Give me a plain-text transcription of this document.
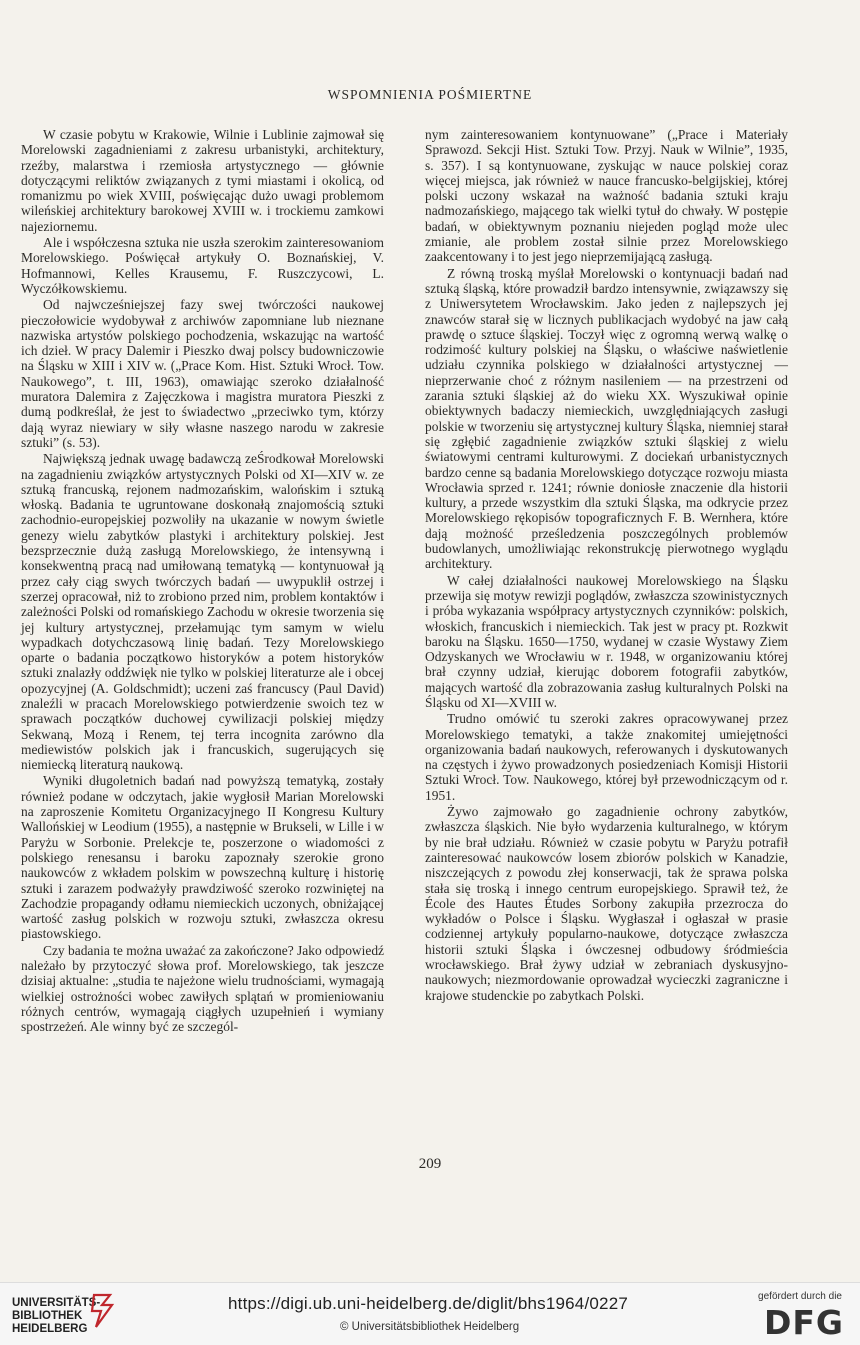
WSPOMNIENIA POŚMIERTNE

W czasie pobytu w Krakowie, Wilnie i Lublinie zajmował się Morelowski zagadnieniami z zakresu urbanistyki, architektury, rzeźby, malarstwa i rzemiosła artystycznego — głównie dotyczącymi reliktów związanych z tymi miastami i okolicą, od romanizmu po wiek XVIII, poświęcając dużo uwagi problemom wileńskiej architektury barokowej XVIII w. i trockiemu zamkowi najeziornemu.

Ale i współczesna sztuka nie uszła szerokim zainteresowaniom Morelowskiego. Poświęcał artykuły O. Boznańskiej, V. Hofmannowi, Kelles Krausemu, F. Ruszczycowi, L. Wyczółkowskiemu.

Od najwcześniejszej fazy swej twórczości naukowej pieczołowicie wydobywał z archiwów zapomniane lub nieznane nazwiska artystów polskiego pochodzenia, wskazując na wartość ich dzieł. W pracy Dalemir i Pieszko dwaj polscy budowniczowie na Śląsku w XIII i XIV w. („Prace Kom. Hist. Sztuki Wrocł. Tow. Naukowego”, t. III, 1963), omawiając szeroko działalność muratora Dalemira z Zajęczkowa i magistra muratora Pieszki z dumą podkreślał, że jest to świadectwo „przeciwko tym, którzy dają wyraz niewiary w siły własne naszego narodu w zakresie sztuki” (s. 53).

Największą jednak uwagę badawczą zeŚrodkował Morelowski na zagadnieniu związków artystycznych Polski od XI—XIV w. ze sztuką francuską, rejonem nadmozańskim, walońskim i sztuką włoską. Badania te ugruntowane doskonałą znajomością sztuki zachodnio-europejskiej pozwoliły na ukazanie w nowym świetle genezy wielu zabytków plastyki i architektury polskiej. Jest bezsprzecznie dużą zasługą Morelowskiego, że intensywną i konsekwentną pracą nad umiłowaną tematyką — kontynuował ją przez cały ciąg swych twórczych badań — uwypuklił ostrzej i szerzej opracował, niż to zrobiono przed nim, problem kontaktów i zależności Polski od romańskiego Zachodu w okresie tworzenia się jej kultury artystycznej, przełamując tym samym w wielu wypadkach dotychczasową linię badań. Tezy Morelowskiego oparte o badania początkowo historyków a potem historyków sztuki znalazły oddźwięk nie tylko w polskiej literaturze ale i obcej opozycyjnej (A. Goldschmidt); uczeni zaś francuscy (Paul David) znaleźli w pracach Morelowskiego potwierdzenie swoich tez w sprawach początków duchowej cywilizacji polskiej między Sekwaną, Mozą i Renem, tej terra incognita zarówno dla mediewistów polskich jak i francuskich, sugerujących się niemiecką literaturą naukową.

Wyniki długoletnich badań nad powyższą tematyką, zostały również podane w odczytach, jakie wygłosił Marian Morelowski na zaproszenie Komitetu Organizacyjnego II Kongresu Kultury Wallońskiej w Leodium (1955), a następnie w Brukseli, w Lille i w Paryżu w Sorbonie. Prelekcje te, poszerzone o wiadomości z polskiego renesansu i baroku zapoznały szerokie grono naukowców z wkładem polskim w powszechną kulturę i historię sztuki i zarazem podważyły prawdziwość szeroko rozwiniętej na Zachodzie propagandy odłamu niemieckich uczonych, obniżającej wartość zasług polskich w rozwoju sztuki, zwłaszcza okresu piastowskiego.

Czy badania te można uważać za zakończone? Jako odpowiedź należało by przytoczyć słowa prof. Morelowskiego, tak jeszcze dzisiaj aktualne: „studia te najeżone wielu trudnościami, wymagają wielkiej ostrożności wobec zawiłych splątań w promieniowaniu różnych centrów, wymagają ciągłych uzupełnień i wymiany spostrzeżeń. Ale winny być ze szczegól-

nym zainteresowaniem kontynuowane” („Prace i Materiały Sprawozd. Sekcji Hist. Sztuki Tow. Przyj. Nauk w Wilnie”, 1935, s. 357). I są kontynuowane, zyskując w nauce polskiej coraz więcej miejsca, jak również w nauce francusko-belgijskiej, której polski uczony wskazał na ważność badania sztuki kraju nadmozańskiego, mającego tak wielki tytuł do chwały. W postępie badań, w obiektywnym poznaniu niejeden pogląd może ulec zmianie, ale problem został silnie przez Morelowskiego zaakcentowany i to jest jego nieprzemijającą zasługą.

Z równą troską myślał Morelowski o kontynuacji badań nad sztuką śląską, które prowadził bardzo intensywnie, związawszy się z Uniwersytetem Wrocławskim. Jako jeden z najlepszych jej znawców starał się w licznych publikacjach wydobyć na jaw całą prawdę o sztuce śląskiej. Toczył więc z ogromną werwą walkę o rodzimość kultury polskiej na Śląsku, o właściwe naświetlenie udziału czynnika polskiego w działalności artystycznej — nieprzerwanie choć z różnym nasileniem — na przestrzeni od zarania sztuki śląskiej aż do wieku XX. Wyszukiwał opinie obiektywnych badaczy niemieckich, uwzględniających zasługi polskie w tworzeniu się artystycznej kultury Śląska, niemniej starał się zgłębić zagadnienie związków sztuki śląskiej z wielu światowymi centrami kulturowymi. Z dociekań urbanistycznych bardzo cenne są badania Morelowskiego dotyczące rozwoju miasta Wrocławia sprzed r. 1241; równie doniosłe znaczenie dla historii kultury, a przede wszystkim dla sztuki Śląska, ma odkrycie przez Morelowskiego rękopisów topograficznych F. B. Wernhera, które dają możność prześledzenia poszczególnych problemów budowlanych, umożliwiając rekonstrukcję pierwotnego wyglądu architektury.

W całej działalności naukowej Morelowskiego na Śląsku przewija się motyw rewizji poglądów, zwłaszcza szowinistycznych i próba wykazania współpracy artystycznych czynników: polskich, włoskich, francuskich i niemieckich. Tak jest w pracy pt. Rozkwit baroku na Śląsku. 1650—1750, wydanej w czasie Wystawy Ziem Odzyskanych we Wrocławiu w r. 1948, w organizowaniu której brał czynny udział, kierując doborem fotografii zabytków, mających wartość dla zobrazowania zasług kulturalnych Polski na Śląsku od XI—XVIII w.

Trudno omówić tu szeroki zakres opracowywanej przez Morelowskiego tematyki, a także znakomitej umiejętności organizowania badań naukowych, referowanych i dyskutowanych na częstych i żywo prowadzonych posiedzeniach Komisji Historii Sztuki Wrocł. Tow. Naukowego, której był przewodniczącym od r. 1951.

Żywo zajmowało go zagadnienie ochrony zabytków, zwłaszcza śląskich. Nie było wydarzenia kulturalnego, w którym by nie brał udziału. Również w czasie pobytu w Paryżu potrafił zainteresować naukowców losem zbiorów polskich w Kanadzie, niszczejących z powodu złej konserwacji, tak że sprawa polska stała się troską i innego centrum europejskiego. Sprawił też, że École des Hautes Études Sorbony zakupiła przezrocza do wykładów o Polsce i Śląsku. Wygłaszał i ogłaszał w prasie codziennej artykuły popularno-naukowe, dotyczące zwłaszcza historii sztuki Śląska i ówczesnej odbudowy śródmieścia wrocławskiego. Brał żywy udział w zebraniach dyskusyjno-naukowych; niezmordowanie oprowadzał wycieczki zagraniczne i krajowe studenckie po zabytkach Polski.

209
UNIVERSITÄTS-
BIBLIOTHEK
HEIDELBERG
https://digi.ub.uni-heidelberg.de/diglit/bhs1964/0227
© Universitätsbibliothek Heidelberg
gefördert durch die
DFG
